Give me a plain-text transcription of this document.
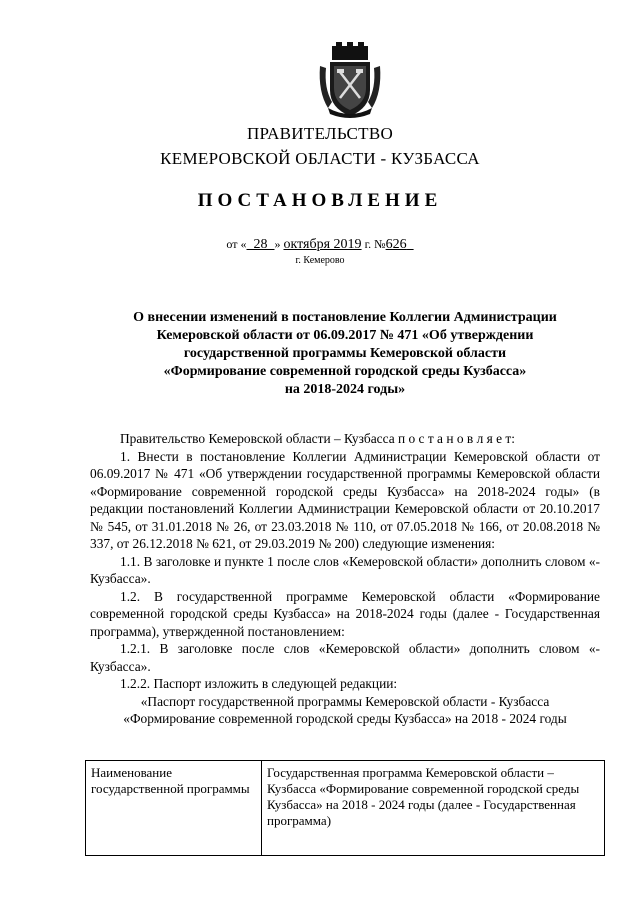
ПРАВИТЕЛЬСТВО
КЕМЕРОВСКОЙ ОБЛАСТИ - КУЗБАССА
ПОСТАНОВЛЕНИЕ
от « 28 » октября 2019 г. №626
г. Кемерово
О внесении изменений в постановление Коллегии Администрации
Кемеровской области от 06.09.2017 № 471 «Об утверждении
государственной программы Кемеровской области
«Формирование современной городской среды Кузбасса»
на 2018-2024 годы»

Правительство Кемеровской области – Кузбасса п о с т а н о в л я е т:

1. Внести в постановление Коллегии Администрации Кемеровской области от 06.09.2017 № 471 «Об утверждении государственной программы Кемеровской области «Формирование современной городской среды Кузбасса» на 2018-2024 годы» (в редакции постановлений Коллегии Администрации Кемеровской области от 20.10.2017 № 545, от 31.01.2018 № 26, от 23.03.2018 № 110, от 07.05.2018 № 166, от 20.08.2018 № 337, от 26.12.2018 № 621, от 29.03.2019 № 200) следующие изменения:

1.1. В заголовке и пункте 1 после слов «Кемеровской области» дополнить словом «- Кузбасса».

1.2. В государственной программе Кемеровской области «Формирование современной городской среды Кузбасса» на 2018-2024 годы (далее - Государственная программа), утвержденной постановлением:

1.2.1. В заголовке после слов «Кемеровской области» дополнить словом «-Кузбасса».

1.2.2. Паспорт изложить в следующей редакции:

«Паспорт государственной программы Кемеровской области - Кузбасса

«Формирование современной городской среды Кузбасса» на 2018 - 2024 годы

Наименование государственной программы	Государственная программа Кемеровской области – Кузбасса «Формирование современной городской среды Кузбасса» на 2018 - 2024 годы (далее - Государственная программа)
